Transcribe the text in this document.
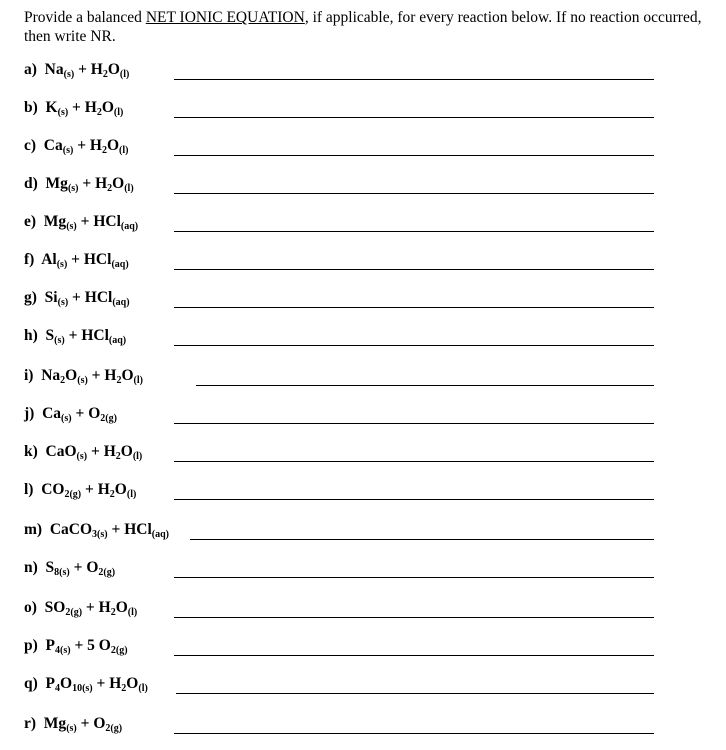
Provide a balanced NET IONIC EQUATION, if applicable, for every reaction below. If no reaction occurred, then write NR.
a)  $Na_{(s)} + H_2O_{(l)}$
b)  $K_{(s)} + H_2O_{(l)}$
c)  $Ca_{(s)} + H_2O_{(l)}$
d)  $Mg_{(s)} + H_2O_{(l)}$
e)  $Mg_{(s)} + HCl_{(aq)}$
f)  $Al_{(s)} + HCl_{(aq)}$
g)  $Si_{(s)} + HCl_{(aq)}$
h)  $S_{(s)} + HCl_{(aq)}$
i)  $Na_2O_{(s)} + H_2O_{(l)}$
j)  $Ca_{(s)} + O_{2(g)}$
k)  $CaO_{(s)} + H_2O_{(l)}$
l)  $CO_{2(g)} + H_2O_{(l)}$
m)  CaCO$_{3(s)}$ + HCl$_{(aq)}$
n)  $S_{8(s)} + O_{2(g)}$
o)  $SO_{2(g)} + H_2O_{(l)}$
p)  $P_{4(s)} + 5$ $O_{2(g)}$
q)  $P_4O_{10(s)} + H_2O_{(l)}$
r)  $Mg_{(s)} + O_{2(g)}$
